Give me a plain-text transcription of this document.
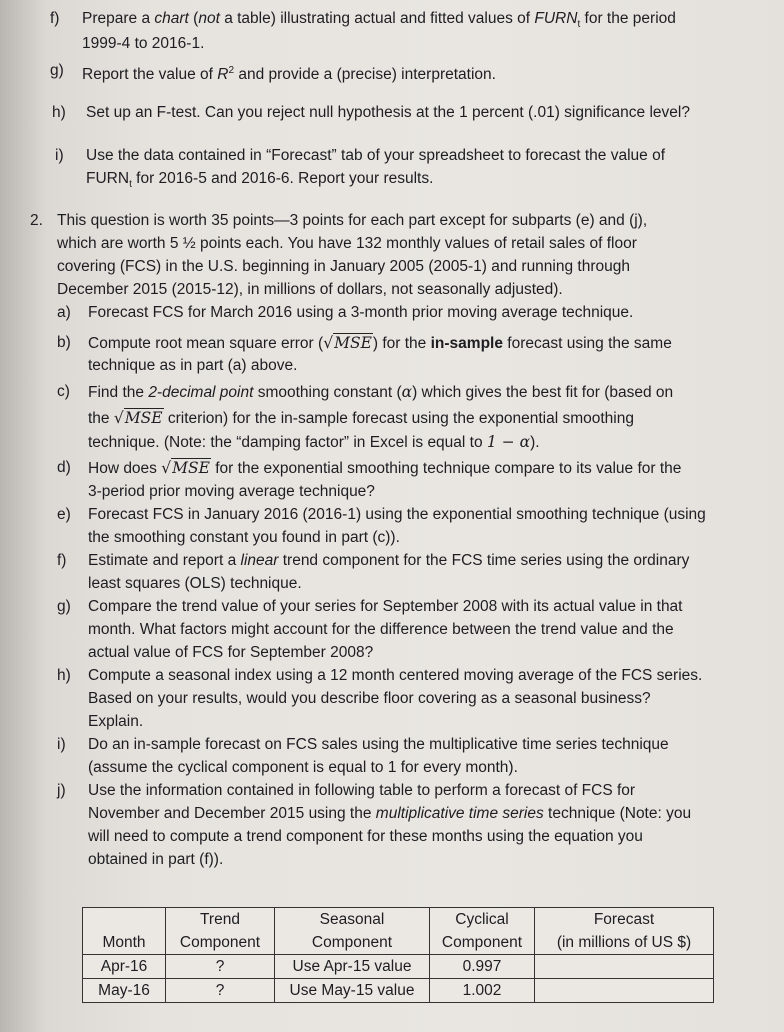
f) Prepare a chart (not a table) illustrating actual and fitted values of $FURN_t$ for the period
1999-4 to 2016-1.
g) Report the value of $R^2$ and provide a (precise) interpretation.
h) Set up an F-test. Can you reject null hypothesis at the 1 percent (.01) significance level?
i) Use the data contained in “Forecast” tab of your spreadsheet to forecast the value of
$FURN_t$ for 2016-5 and 2016-6. Report your results.
2. This question is worth 35 points—3 points for each part except for subparts (e) and (j),
which are worth 5 ½ points each. You have 132 monthly values of retail sales of floor
covering (FCS) in the U.S. beginning in January 2005 (2005-1) and running through
December 2015 (2015-12), in millions of dollars, not seasonally adjusted).
a) Forecast FCS for March 2016 using a 3-month prior moving average technique.
b) Compute root mean square error (√MSE) for the in-sample forecast using the same
technique as in part (a) above.
c) Find the 2-decimal point smoothing constant (α) which gives the best fit for (based on
the √MSE criterion) for the in-sample forecast using the exponential smoothing
technique. (Note: the “damping factor” in Excel is equal to 1 − α).
d) How does √MSE for the exponential smoothing technique compare to its value for the
3-period prior moving average technique?
e) Forecast FCS in January 2016 (2016-1) using the exponential smoothing technique (using
the smoothing constant you found in part (c)).
f) Estimate and report a linear trend component for the FCS time series using the ordinary
least squares (OLS) technique.
g) Compare the trend value of your series for September 2008 with its actual value in that
month. What factors might account for the difference between the trend value and the
actual value of FCS for September 2008?
h) Compute a seasonal index using a 12 month centered moving average of the FCS series.
Based on your results, would you describe floor covering as a seasonal business?
Explain.
i) Do an in-sample forecast on FCS sales using the multiplicative time series technique
(assume the cyclical component is equal to 1 for every month).
j) Use the information contained in following table to perform a forecast of FCS for
November and December 2015 using the multiplicative time series technique (Note: you
will need to compute a trend component for these months using the equation you
obtained in part (f)).
	Trend	Seasonal	Cyclical	Forecast
Month	Component	Component	Component	(in millions of US $)
Apr-16	?	Use Apr-15 value	0.997	
May-16	?	Use May-15 value	1.002	
